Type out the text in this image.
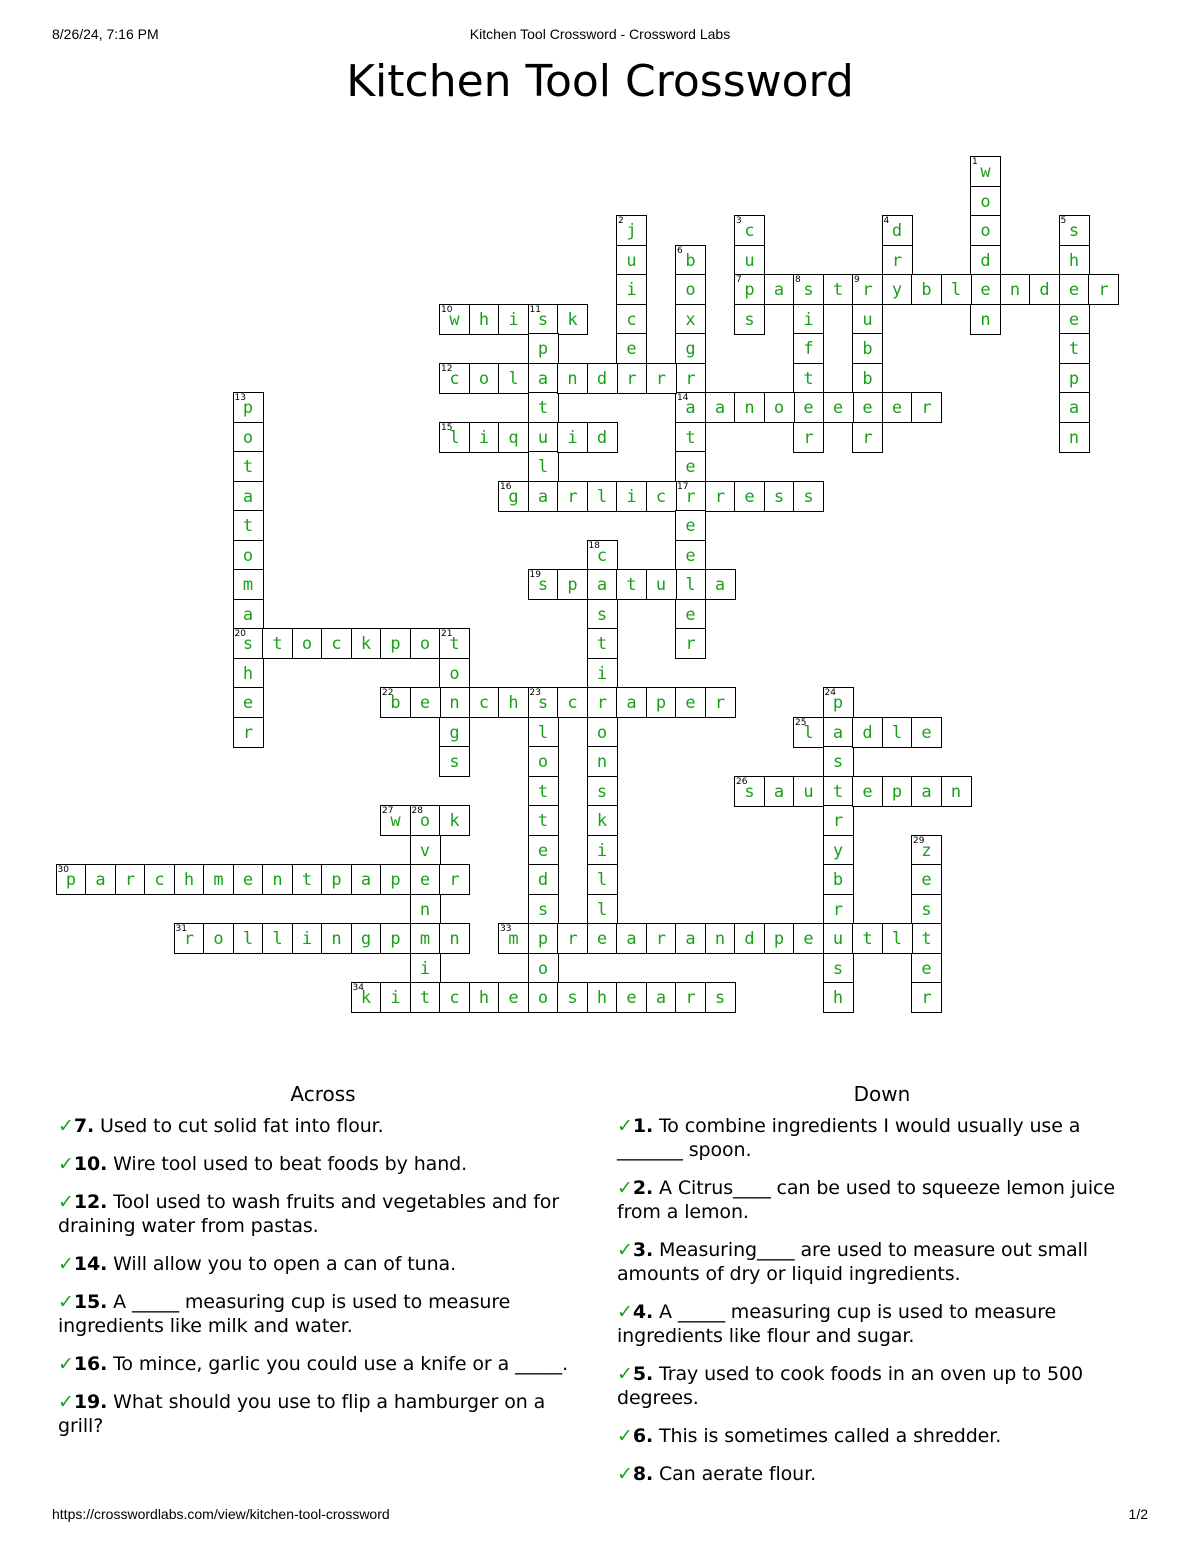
8/26/24, 7:16 PM	Kitchen Tool Crossword - Crossword Labs
Kitchen Tool Crossword
1 w
o
o
d
e
n
2 j
u
i
c
e
r
3 c
u
7 p
s
4 d
r
y
5 s
h
e
e
t
p
a
n
6 b
o
x
g
r
14
a
t
e
17
r
a	8 s	t	9 r	b	l	n	d	r
i
f
t
e
r
u
b
b
e
r
10
w	h	i	11
s	k
p
a
t
u
l
a
12
c	o	l	n	d	r
13
p
o
t
a
t
o
m
a
20
s
h
e
r
a	n	o	e	e	r
15
l	i	q	i	d
16
g	r	l	i	c	r	e	s	s
e
e
l
e
r
18
c
a
s
t
i
r
o
n
s
k
i
l
l
e
19
s	p	t	u	a
t	o	c	k	p	o	21
t
o
n
g
s
22
b	e	c	h	23
s	c	a	p	e	r
l
o
t
t
e
d
s
p
o
o
24
p
a
s
t
r
y
b
r
u
s
h
25
l	d	l	e
26
s	a	u	e	p	a	n
27
w	28
o	k
v
e
n
m
i
t
29
z
e
s
t
e
r
30
p	a	r	c	h	m	e	n	t	p	a	p	r
31
r	o	l	l	i	n	g	p	n	33
m	r	a	r	a	n	d	p	e	t	l
34
k	i	c	h	e	s	h	e	a	r	s
Across
✓7. Used to cut solid fat into flour.
✓10. Wire tool used to beat foods by hand.
✓12. Tool used to wash fruits and vegetables and for draining water from pastas.
✓14. Will allow you to open a can of tuna.
✓15. A _____ measuring cup is used to measure ingredients like milk and water.
✓16. To mince, garlic you could use a knife or a _____.
✓19. What should you use to flip a hamburger on a grill?
Down
✓1. To combine ingredients I would usually use a _______ spoon.
✓2. A Citrus____ can be used to squeeze lemon juice from a lemon.
✓3. Measuring____ are used to measure out small amounts of dry or liquid ingredients.
✓4. A _____ measuring cup is used to measure ingredients like flour and sugar.
✓5. Tray used to cook foods in an oven up to 500 degrees.
✓6. This is sometimes called a shredder.
✓8. Can aerate flour.
https://crosswordlabs.com/view/kitchen-tool-crossword	1/2
